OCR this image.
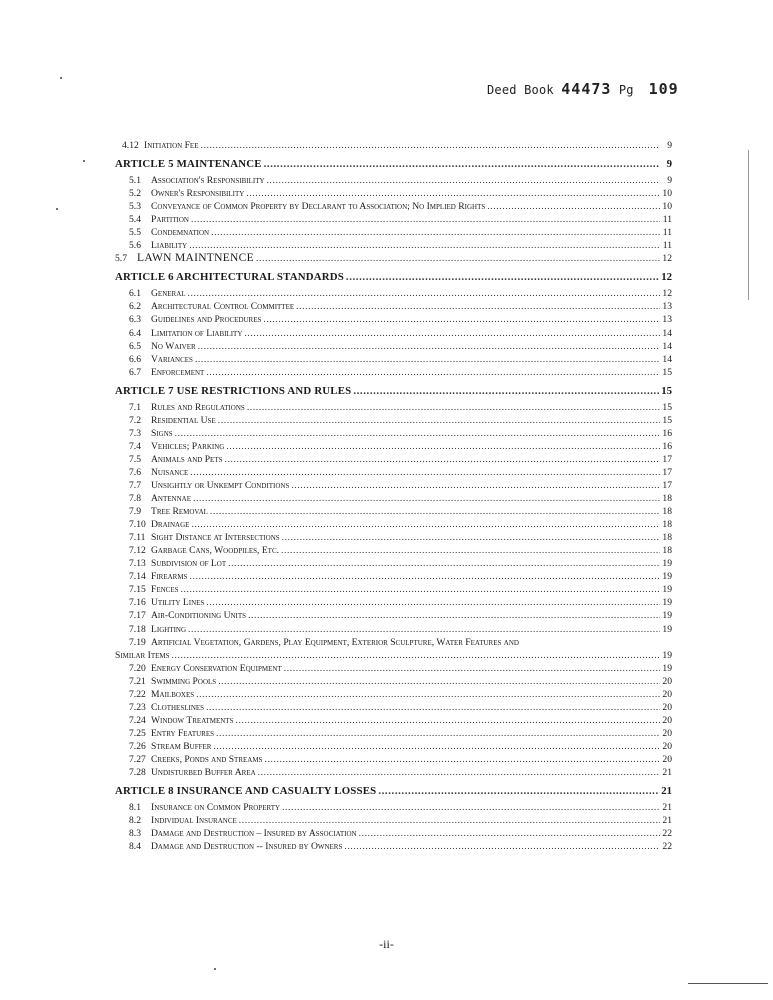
Deed Book 44473 Pg 109
4.12 Initiation Fee .....	9
ARTICLE 5 MAINTENANCE .....	9
5.1	Association's Responsibility .....	9
5.2	Owner's Responsibility .....	10
5.3	Conveyance of Common Property by Declarant to Association; No Implied Rights .....	10
5.4	Partition .....	11
5.5	Condemnation .....	11
5.6	Liability .....	11
5.7 LAWN MAINTNENCE .....	12
ARTICLE 6 ARCHITECTURAL STANDARDS .....	12
6.1	General .....	12
6.2	Architectural Control Committee .....	13
6.3	Guidelines and Procedures .....	13
6.4	Limitation of Liability .....	14
6.5	No Waiver .....	14
6.6	Variances .....	14
6.7	Enforcement .....	15
ARTICLE 7 USE RESTRICTIONS AND RULES .....	15
7.1	Rules and Regulations .....	15
7.2	Residential Use .....	15
7.3	Signs .....	16
7.4	Vehicles; Parking .....	16
7.5	Animals and Pets .....	17
7.6	Nuisance .....	17
7.7	Unsightly or Unkempt Conditions .....	17
7.8	Antennae .....	18
7.9	Tree Removal .....	18
7.10 Drainage .....	18
7.11 Sight Distance at Intersections .....	18
7.12 Garbage Cans, Woodpiles, Etc. .....	18
7.13 Subdivision of Lot .....	19
7.14 Firearms .....	19
7.15 Fences .....	19
7.16 Utility Lines .....	19
7.17 Air-Conditioning Units .....	19
7.18 Lighting .....	19
7.19 Artificial Vegetation, Gardens, Play Equipment, Exterior Sculpture, Water Features and
Similar Items .....	19
7.20 Energy Conservation Equipment .....	19
7.21 Swimming Pools .....	20
7.22 Mailboxes .....	20
7.23 Clotheslines .....	20
7.24 Window Treatments .....	20
7.25 Entry Features .....	20
7.26 Stream Buffer .....	20
7.27 Creeks, Ponds and Streams .....	20
7.28 Undisturbed Buffer Area .....	21
ARTICLE 8 INSURANCE AND CASUALTY LOSSES .....	21
8.1	Insurance on Common Property .....	21
8.2	Individual Insurance .....	21
8.3	Damage and Destruction – Insured by Association .....	22
8.4	Damage and Destruction -- Insured by Owners .....	22
-ii-
